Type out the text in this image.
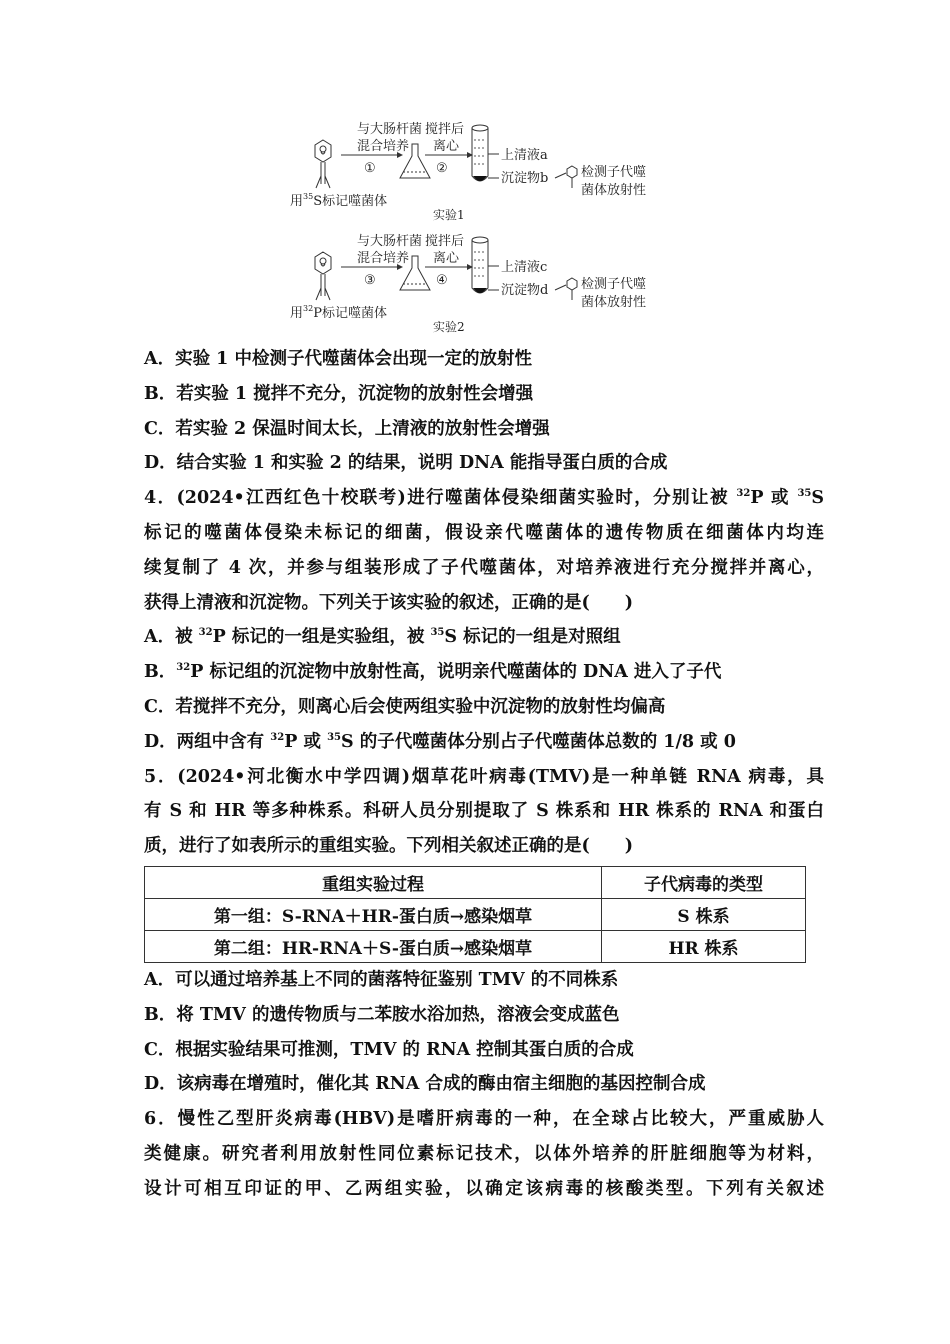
与大肠杆菌
混合培养
①
搅拌后
离心
②
上清液a
沉淀物b	检测子代噬
菌体放射性
用$^{35}$S标记噬菌体
实验1
与大肠杆菌
混合培养
③
搅拌后
离心
④
上清液c
沉淀物d	检测子代噬
菌体放射性
用$^{32}$P标记噬菌体
实验2
A．实验 1 中检测子代噬菌体会出现一定的放射性
B．若实验 1 搅拌不充分，沉淀物的放射性会增强
C．若实验 2 保温时间太长，上清液的放射性会增强
D．结合实验 1 和实验 2 的结果，说明 DNA 能指导蛋白质的合成
4．(2024•江西红色十校联考)进行噬菌体侵染细菌实验时，分别让被 $^{32}$P 或 $^{35}$S
标记的噬菌体侵染未标记的细菌，假设亲代噬菌体的遗传物质在细菌体内均连
续复制了 4 次，并参与组装形成了子代噬菌体，对培养液进行充分搅拌并离心，
获得上清液和沉淀物。下列关于该实验的叙述，正确的是(　　)
A．被 $^{32}$P 标记的一组是实验组，被 $^{35}$S 标记的一组是对照组
B．$^{32}$P 标记组的沉淀物中放射性高，说明亲代噬菌体的 DNA 进入了子代
C．若搅拌不充分，则离心后会使两组实验中沉淀物的放射性均偏高
D．两组中含有 $^{32}$P 或 $^{35}$S 的子代噬菌体分别占子代噬菌体总数的 1/8 或 0
5．(2024•河北衡水中学四调)烟草花叶病毒(TMV)是一种单链 RNA 病毒，具
有 S 和 HR 等多种株系。科研人员分别提取了 S 株系和 HR 株系的 RNA 和蛋白
质，进行了如表所示的重组实验。下列相关叙述正确的是(　　)
重组实验过程	子代病毒的类型
第一组：S-RNA＋HR-蛋白质→感染烟草	S 株系
第二组：HR-RNA＋S-蛋白质→感染烟草	HR 株系
A．可以通过培养基上不同的菌落特征鉴别 TMV 的不同株系
B．将 TMV 的遗传物质与二苯胺水浴加热，溶液会变成蓝色
C．根据实验结果可推测，TMV 的 RNA 控制其蛋白质的合成
D．该病毒在增殖时，催化其 RNA 合成的酶由宿主细胞的基因控制合成
6．慢性乙型肝炎病毒(HBV)是嗜肝病毒的一种，在全球占比较大，严重威胁人
类健康。研究者利用放射性同位素标记技术，以体外培养的肝脏细胞等为材料，
设计可相互印证的甲、乙两组实验，以确定该病毒的核酸类型。下列有关叙述
